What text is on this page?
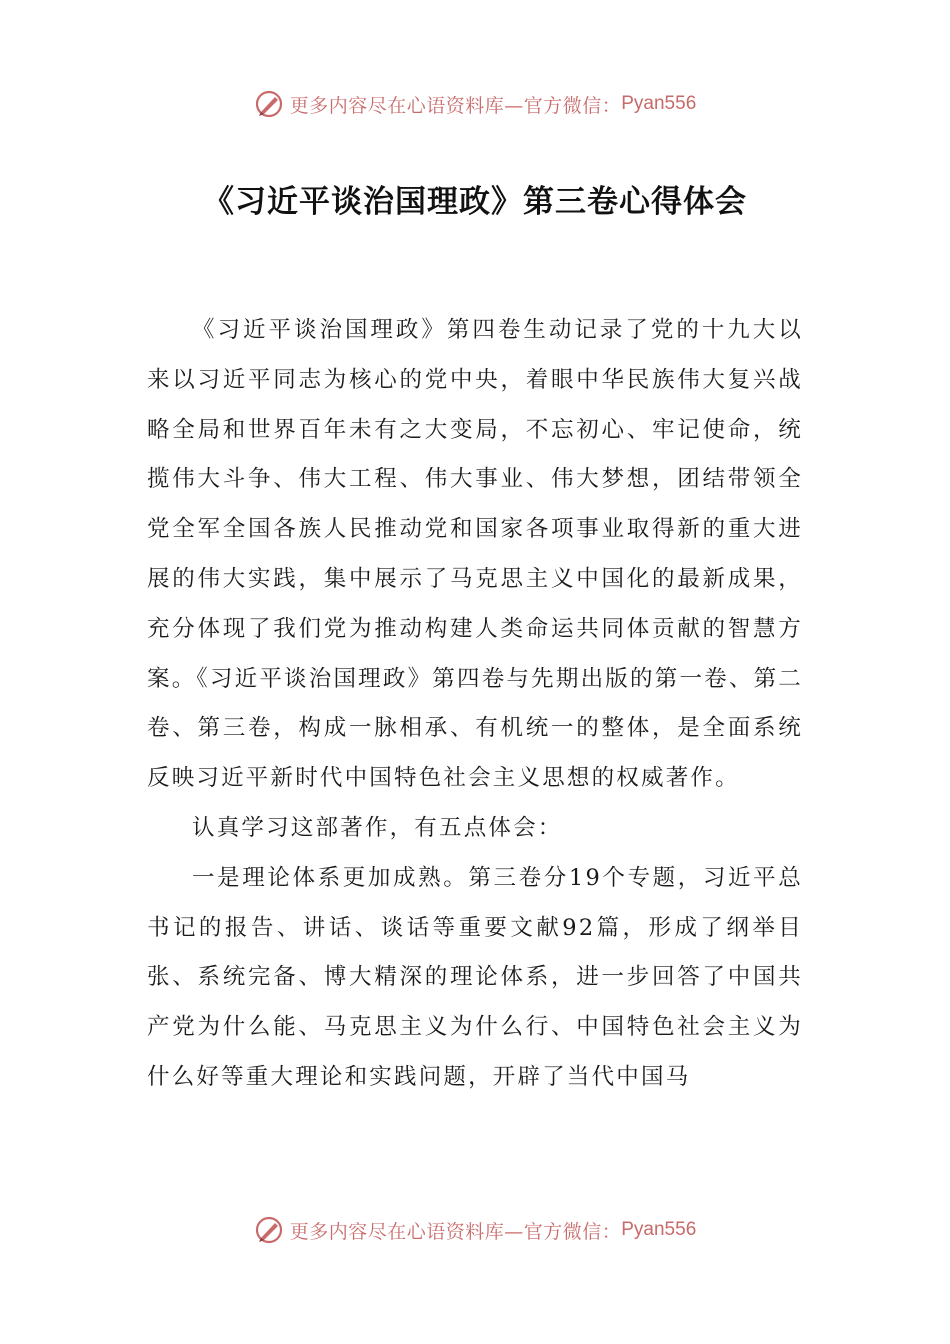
更多内容尽在心语资料库—官方微信： Pyan556
《习近平谈治国理政》第三卷心得体会

《习近平谈治国理政》第四卷生动记录了党的十九大以来以习近平同志为核心的党中央，着眼中华民族伟大复兴战略全局和世界百年未有之大变局，不忘初心、牢记使命，统揽伟大斗争、伟大工程、伟大事业、伟大梦想，团结带领全党全军全国各族人民推动党和国家各项事业取得新的重大进展的伟大实践，集中展示了马克思主义中国化的最新成果，充分体现了我们党为推动构建人类命运共同体贡献的智慧方案。《习近平谈治国理政》第四卷与先期出版的第一卷、第二卷、第三卷，构成一脉相承、有机统一的整体，是全面系统反映习近平新时代中国特色社会主义思想的权威著作。

认真学习这部著作，有五点体会：

一是理论体系更加成熟。第三卷分19个专题，习近平总书记的报告、讲话、谈话等重要文献92篇，形成了纲举目张、系统完备、博大精深的理论体系，进一步回答了中国共产党为什么能、马克思主义为什么行、中国特色社会主义为什么好等重大理论和实践问题，开辟了当代中国马

更多内容尽在心语资料库—官方微信： Pyan556
